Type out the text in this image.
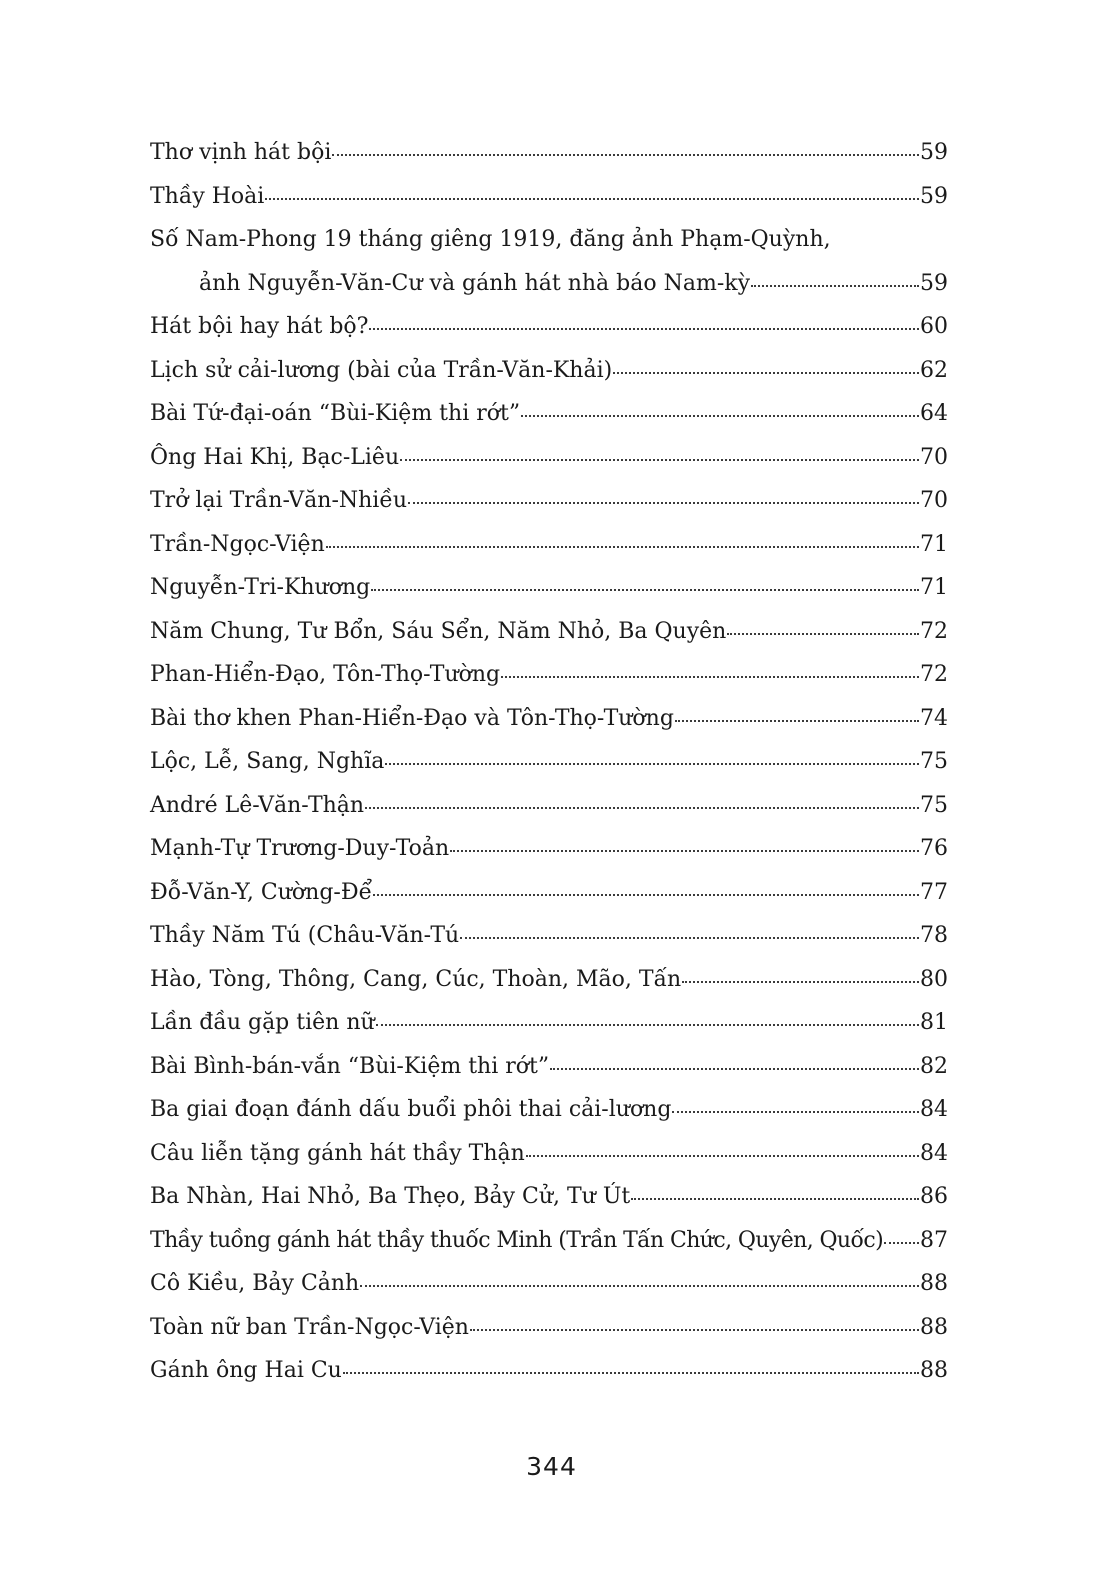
Thơ vịnh hát bội	59
Thầy Hoài	59
Số Nam-Phong 19 tháng giêng 1919, đăng ảnh Phạm-Quỳnh,
ảnh Nguyễn-Văn-Cư và gánh hát nhà báo Nam-kỳ	59
Hát bội hay hát bộ?	60
Lịch sử cải-lương (bài của Trần-Văn-Khải)	62
Bài Tứ-đại-oán “Bùi-Kiệm thi rớt”	64
Ông Hai Khị, Bạc-Liêu	70
Trở lại Trần-Văn-Nhiều	70
Trần-Ngọc-Viện	71
Nguyễn-Tri-Khương	71
Năm Chung, Tư Bổn, Sáu Sển, Năm Nhỏ, Ba Quyên	72
Phan-Hiển-Đạo, Tôn-Thọ-Tường	72
Bài thơ khen Phan-Hiển-Đạo và Tôn-Thọ-Tường	74
Lộc, Lễ, Sang, Nghĩa	75
André Lê-Văn-Thận	75
Mạnh-Tự Trương-Duy-Toản	76
Đỗ-Văn-Y, Cường-Để	77
Thầy Năm Tú (Châu-Văn-Tú	78
Hào, Tòng, Thông, Cang, Cúc, Thoàn, Mão, Tấn	80
Lần đầu gặp tiên nữ	81
Bài Bình-bán-vắn “Bùi-Kiệm thi rớt”	82
Ba giai đoạn đánh dấu buổi phôi thai cải-lương	84
Câu liễn tặng gánh hát thầy Thận	84
Ba Nhàn, Hai Nhỏ, Ba Thẹo, Bảy Cử, Tư Út	86
Thầy tuồng gánh hát thầy thuốc Minh (Trần Tấn Chức, Quyên, Quốc) 87
Cô Kiều, Bảy Cảnh	88
Toàn nữ ban Trần-Ngọc-Viện	88
Gánh ông Hai Cu	88
344
